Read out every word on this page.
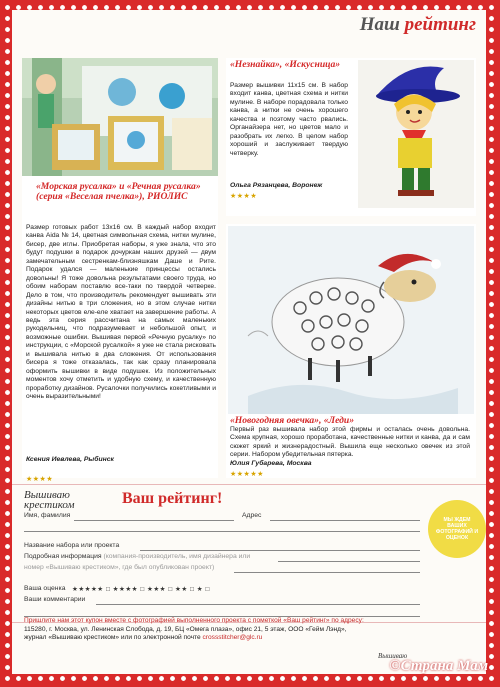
Наш рейтинг
«Морская русалка» и «Речная русалка» (серия «Веселая пчелка»), РИОЛИС
Размер готовых работ 13х16 см. В каждый набор входит канва Aida № 14, цветная символьная схема, нитки мулине, бисер, две иглы. Приобретая наборы, я уже знала, что это будут подушки в подарок дочуркам наших друзей — двум замечательным сестренкам-близняшкам Даше и Рите. Подарок удался — маленькие принцессы остались довольны! Я тоже довольна результатами своего труда, но обоим наборам поставлю все-таки по твердой четверке. Дело в том, что производитель рекомендует вышивать эти дизайны нитью в три сложения, но в этом случае нитки некоторых цветов еле-еле хватает на завершение работы. А ведь эта серия рассчитана на самых маленьких рукодельниц, что подразумевает и небольшой опыт, и возможные ошибки. Вышивая первой «Речную русалку» по инструкции, с «Морской русалкой» я уже не стала рисковать и вышивала нитью в два сложения. От использования бисера я тоже отказалась, так как сразу планировала оформить вышивки в виде подушек. Из положительных моментов хочу отметить и удобную схему, и качественную проработку дизайнов. Русалочки получились кокетливыми и очень выразительными!
Ксения Иевлева, Рыбинск
★★★★
«Незнайка», «Искусница»
Размер вышивки 11х15 см. В набор входит канва, цветная схема и нитки мулине. В наборе порадовала только канва, а нитки не очень хорошего качества и поэтому часто рвались. Органайзера нет, но цветов мало и разобрать их легко. В целом набор хороший и заслуживает твердую четверку.
Ольга Рязанцева, Воронеж
★★★★
«Новогодняя овечка», «Леди»
Первый раз вышивала набор этой фирмы и осталась очень довольна. Схема крупная, хорошо проработана, качественные нитки и канва, да и сам сюжет яркий и жизнерадостный. Вышила еще несколько овечек из этой серии. Набором убедительная пятерка.
Юлия Губарева, Москва
★★★★★
Вышиваю
крестиком	Ваш рейтинг!
Имя, фамилия	Адрес
Название набора или проекта
Подробная информация (компания-производитель, имя дизайнера или
номер «Вышиваю крестиком», где был опубликован проект)
Ваша оценка ★★★★★ □ ★★★★ □ ★★★ □ ★★ □ ★ □
Ваши комментарии
МЫ ЖДЕМ ВАШИХ ФОТОГРАФИЙ И ОЦЕНОК
Пришлите нам этот купон вместе с фотографией выполненного проекта с пометкой «Ваш рейтинг» по адресу:
115280, г. Москва, ул. Ленинская Слобода, д. 19, БЦ «Омега плаза», офис 21, 5 этаж, ООО «Гейм Лэнд»,
журнал «Вышиваю крестиком» или по электронной почте crossstitcher@glc.ru
Вышиваю
©Страна Мам
